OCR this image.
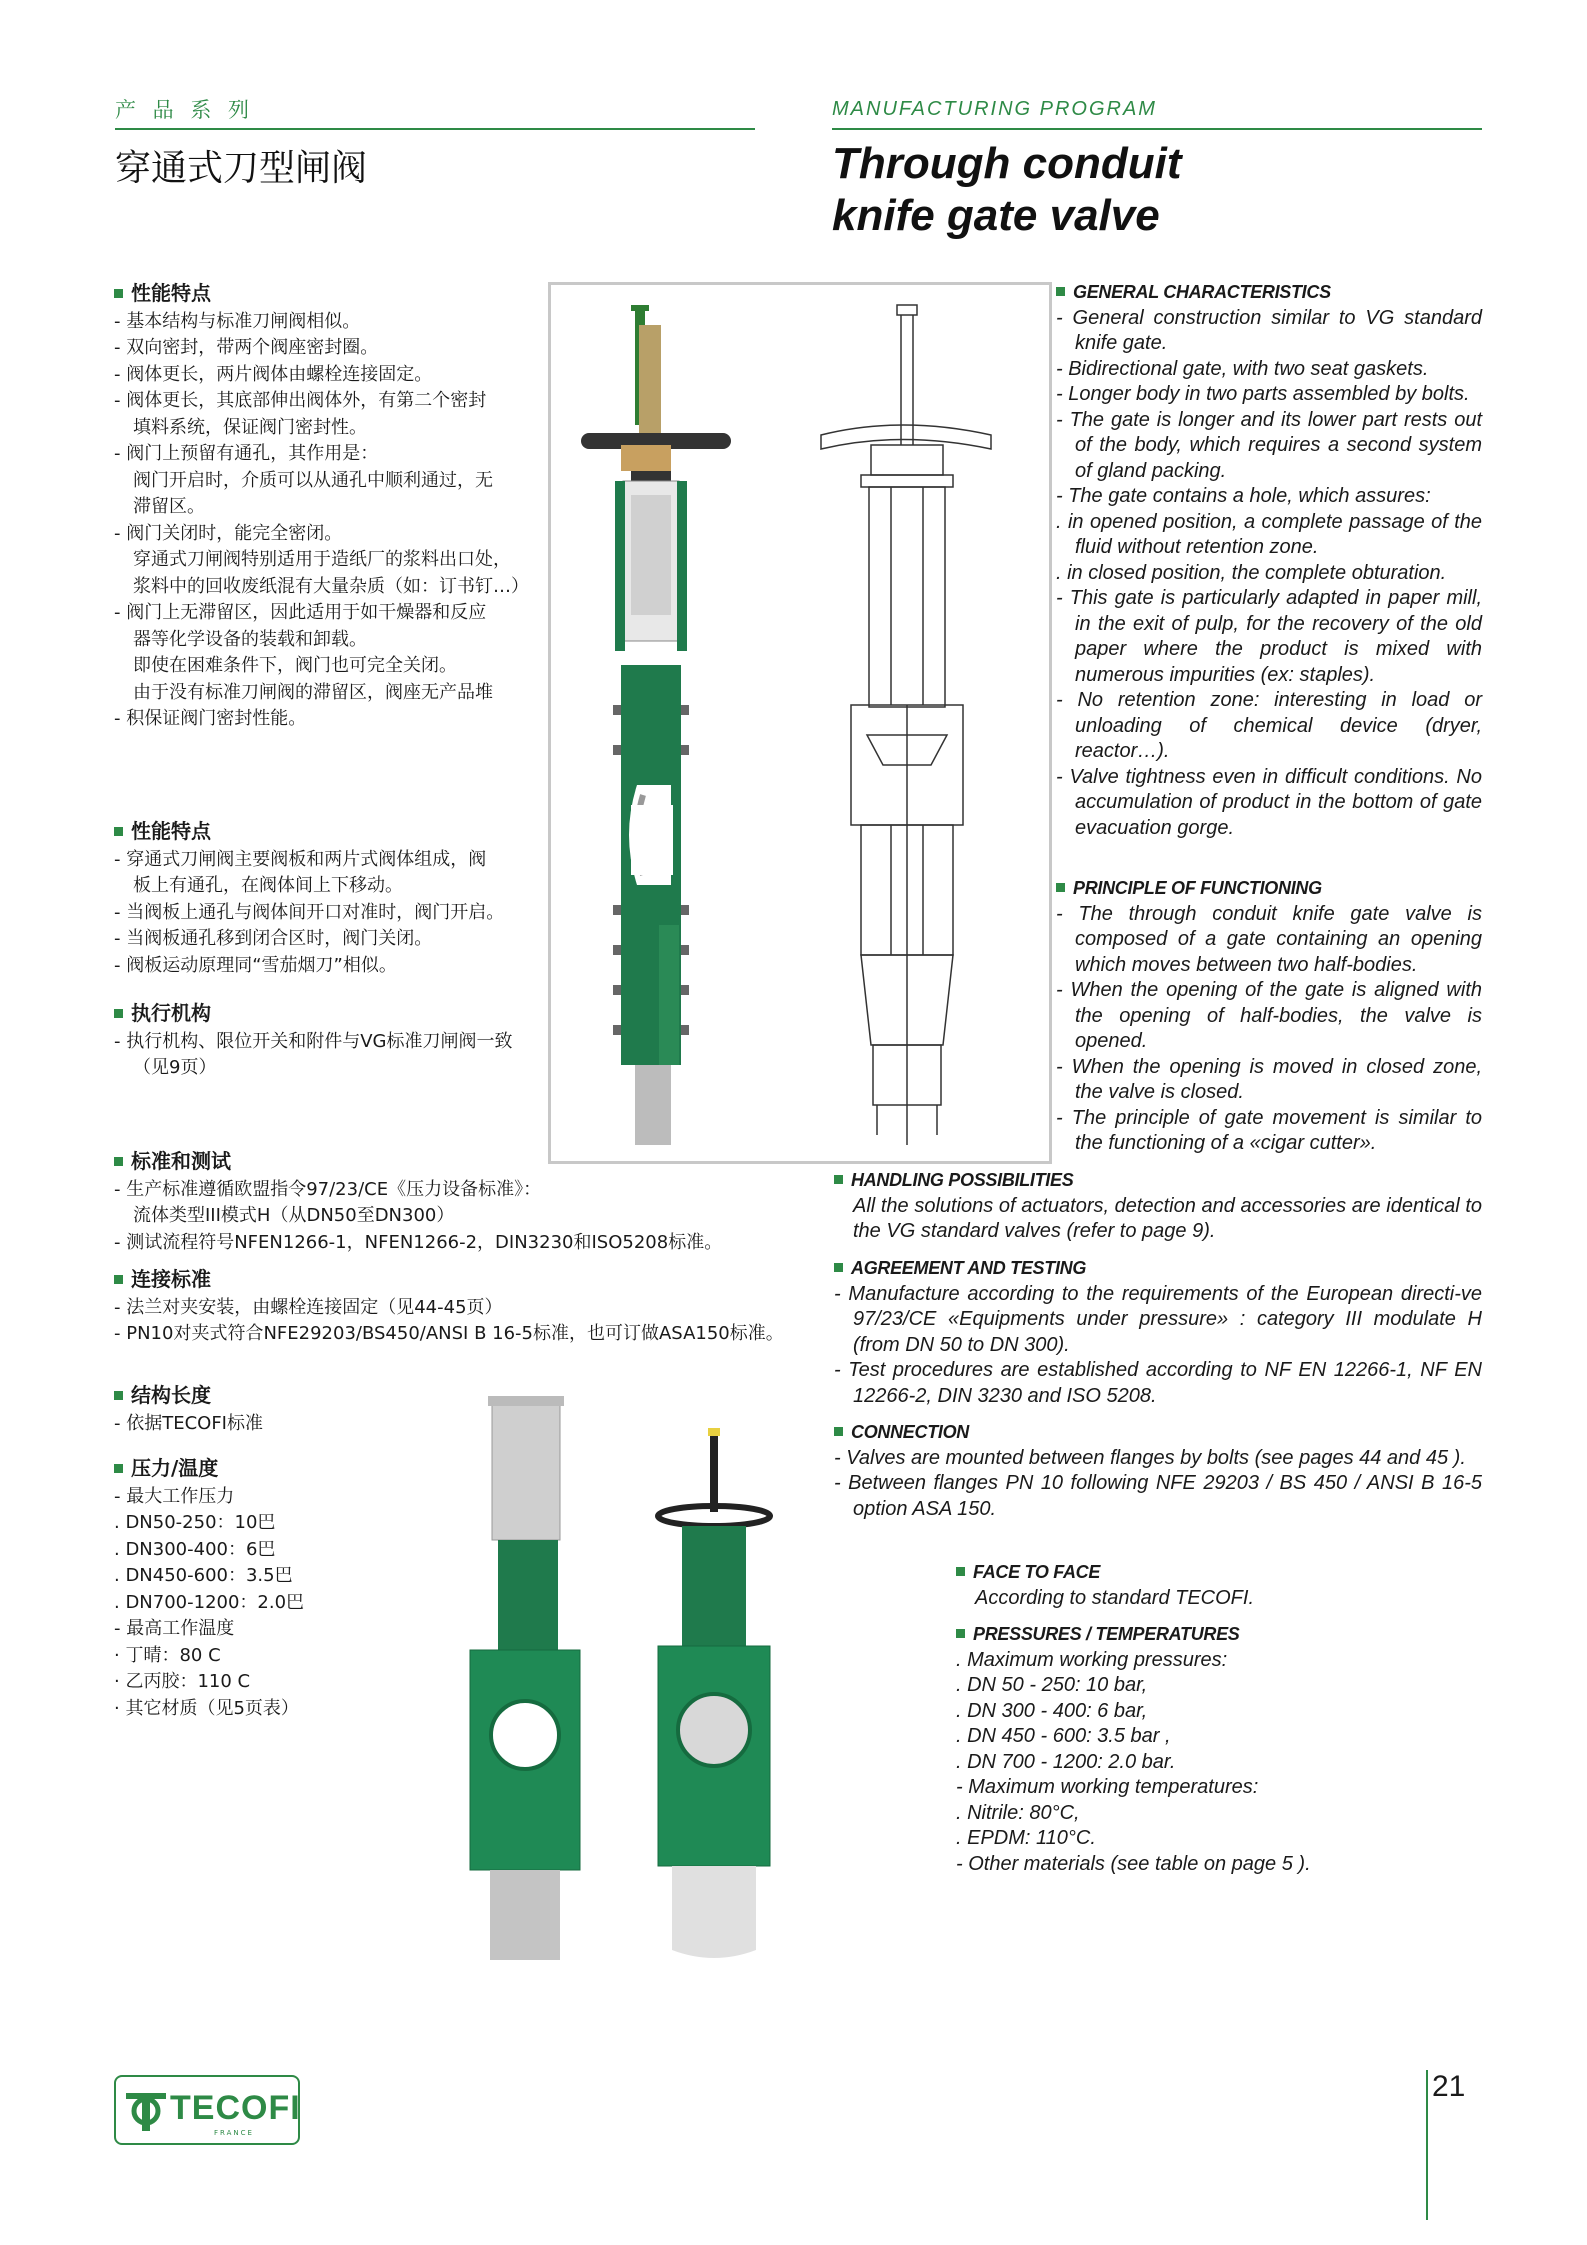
产 品 系 列	MANUFACTURING PROGRAM
穿通式刀型闸阀	Through conduit
knife gate valve
性能特点
- 基本结构与标准刀闸阀相似。
- 双向密封，带两个阀座密封圈。
- 阀体更长，两片阀体由螺栓连接固定。
- 阀体更长，其底部伸出阀体外，有第二个密封
填料系统，保证阀门密封性。
- 阀门上预留有通孔，其作用是：
阀门开启时，介质可以从通孔中顺利通过，无
滞留区。
- 阀门关闭时，能完全密闭。
穿通式刀闸阀特别适用于造纸厂的浆料出口处，
浆料中的回收废纸混有大量杂质（如：订书钉…）
- 阀门上无滞留区，因此适用于如干燥器和反应
器等化学设备的装载和卸载。
即使在困难条件下，阀门也可完全关闭。
由于没有标准刀闸阀的滞留区，阀座无产品堆
- 积保证阀门密封性能。
性能特点
- 穿通式刀闸阀主要阀板和两片式阀体组成，阀
板上有通孔，在阀体间上下移动。
- 当阀板上通孔与阀体间开口对准时，阀门开启。
- 当阀板通孔移到闭合区时，阀门关闭。
- 阀板运动原理同“雪茄烟刀”相似。
执行机构
- 执行机构、限位开关和附件与VG标准刀闸阀一致
（见9页）
标准和测试
- 生产标准遵循欧盟指令97/23/CE《压力设备标准》：
流体类型III模式H（从DN50至DN300）
- 测试流程符号NFEN1266-1，NFEN1266-2，DIN3230和ISO5208标准。
连接标准
- 法兰对夹安装，由螺栓连接固定（见44-45页）
- PN10对夹式符合NFE29203/BS450/ANSI B 16-5标准，也可订做ASA150标准。
结构长度
- 依据TECOFI标准
压力/温度
- 最大工作压力
. DN50-250：10巴
. DN300-400：6巴
. DN450-600：3.5巴
. DN700-1200：2.0巴
- 最高工作温度
· 丁晴：80 C
· 乙丙胶：110 C
· 其它材质（见5页表）
GENERAL CHARACTERISTICS
- General construction similar to VG standard knife gate.
- Bidirectional gate, with two seat gaskets.
- Longer body in two parts assembled by bolts.
- The gate is longer and its lower part rests out of the body, which requires a second system of gland packing.
- The gate contains a hole, which assures:
. in opened position, a complete passage of the fluid without retention zone.
. in closed position, the complete obturation.
- This gate is particularly adapted in paper mill, in the exit of pulp, for the recovery of the old paper where the product is mixed with numerous impurities (ex: staples).
- No retention zone: interesting in load or unloading of chemical device (dryer, reactor…).
- Valve tightness even in difficult conditions. No accumulation of product in the bottom of gate evacuation gorge.
PRINCIPLE OF FUNCTIONING
- The through conduit knife gate valve is composed of a gate containing an opening which moves between two half-bodies.
- When the opening of the gate is aligned with the opening of half-bodies, the valve is opened.
- When the opening is moved in closed zone, the valve is closed.
- The principle of gate movement is similar to the functioning of a «cigar cutter».
HANDLING POSSIBILITIES
All the solutions of actuators, detection and accessories are identical to the VG standard valves (refer to page 9).
AGREEMENT AND TESTING
- Manufacture according to the requirements of the European directi-ve 97/23/CE «Equipments under pressure» : category III modulate H (from DN 50 to DN 300).
- Test procedures are established according to NF EN 12266-1, NF EN 12266-2, DIN 3230 and ISO 5208.
CONNECTION
- Valves are mounted between flanges by bolts (see pages 44 and 45 ).
- Between flanges PN 10 following NFE 29203 / BS 450 / ANSI B 16-5 option ASA 150.
FACE TO FACE
According to standard TECOFI.
PRESSURES / TEMPERATURES
. Maximum working pressures:
. DN 50 - 250: 10 bar,
. DN 300 - 400: 6 bar,
. DN 450 - 600: 3.5 bar ,
. DN 700 - 1200: 2.0 bar.
- Maximum working temperatures:
. Nitrile: 80°C,
. EPDM: 110°C.
- Other materials (see table on page 5 ).
TECOFI
FRANCE
21
